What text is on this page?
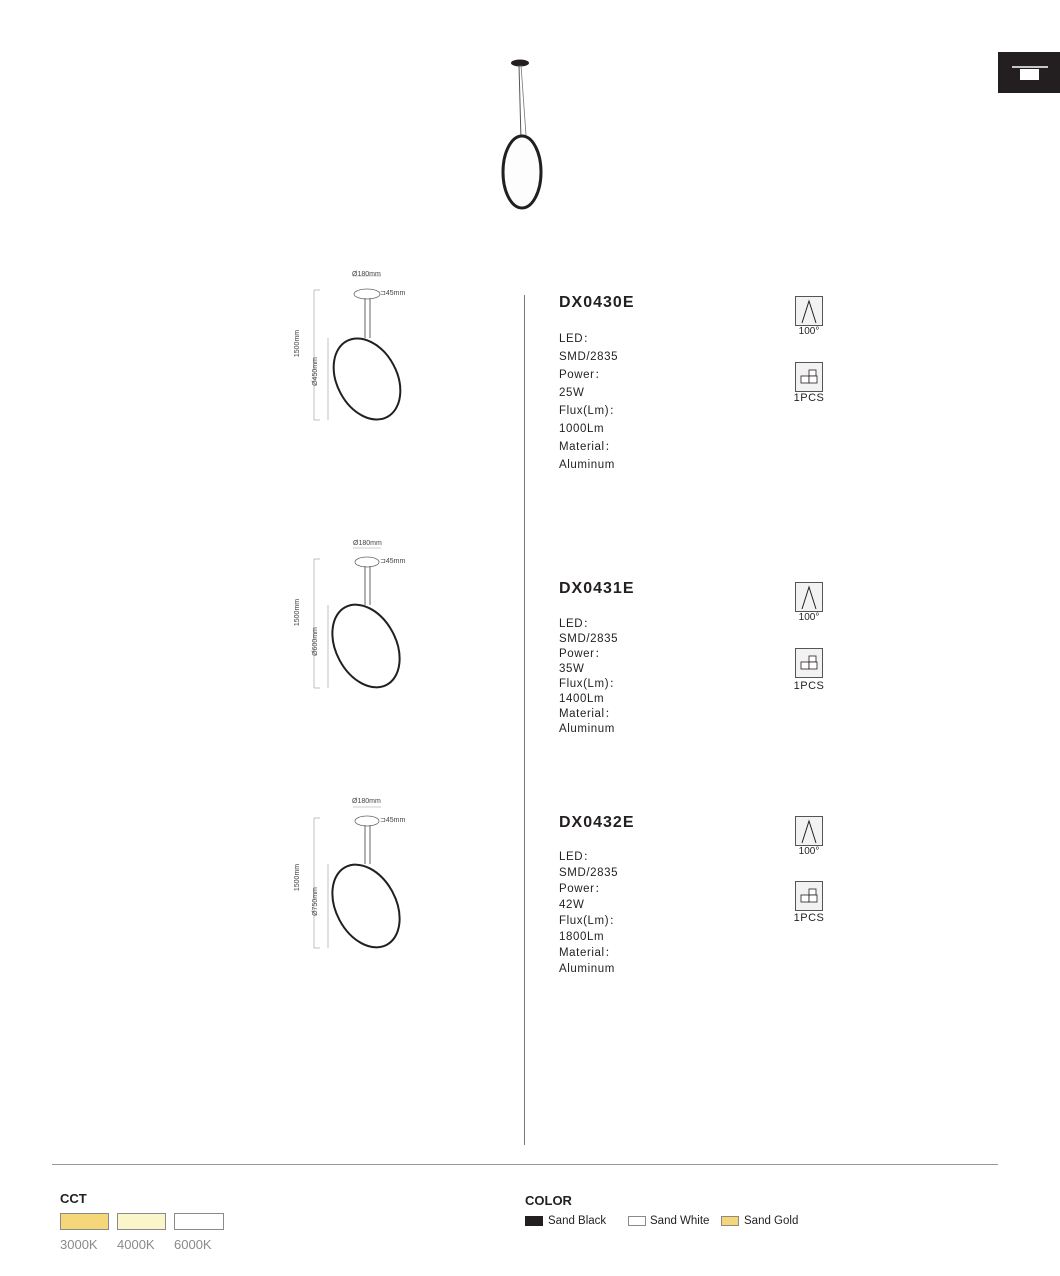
Ø180mm
⊐45mm
1500mm
Ø450mm
DX0430E
LED：SMD/2835
Power：25W
Flux(Lm)：1000Lm
Material：Aluminum
100°
1PCS
Ø180mm
⊐45mm
1500mm
Ø600mm
DX0431E
LED：SMD/2835
Power：35W
Flux(Lm)：1400Lm
Material：Aluminum
100°
1PCS
Ø180mm
⊐45mm
1500mm
Ø750mm
DX0432E
LED：SMD/2835
Power：42W
Flux(Lm)：1800Lm
Material：Aluminum
100°
1PCS
CCT
3000K 4000K 6000K
COLOR
Sand Black	Sand White	Sand Gold
